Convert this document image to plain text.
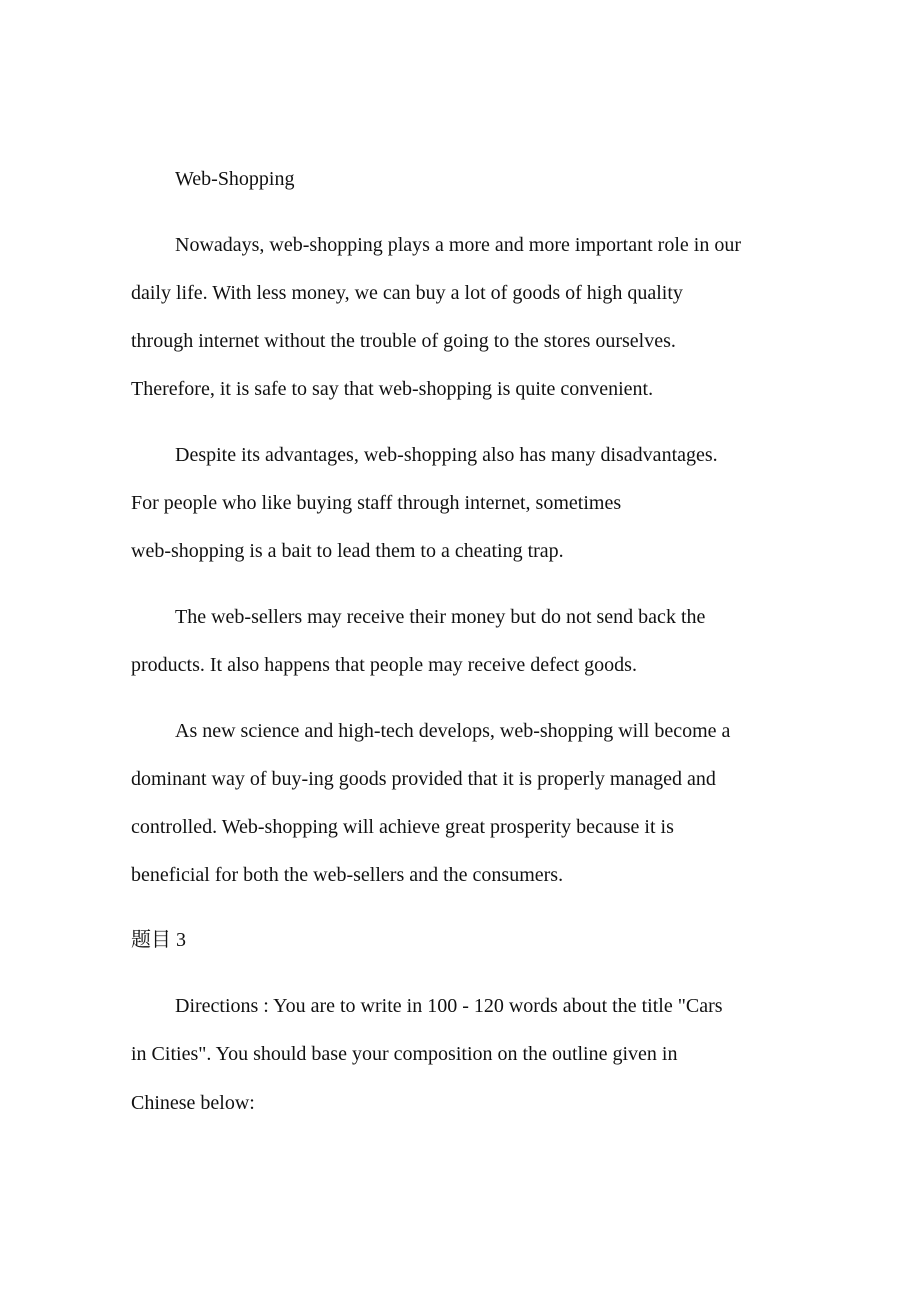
Web-Shopping

Nowadays, web-shopping plays a more and more important role in our

daily life. With less money, we can buy a lot of goods of high quality

through internet without the trouble of going to the stores ourselves.

Therefore, it is safe to say that web-shopping is quite convenient.

Despite its advantages, web-shopping also has many disadvantages.

For people who like buying staff through internet, sometimes

web-shopping is a bait to lead them to a cheating trap.

The web-sellers may receive their money but do not send back the

products. It also happens that people may receive defect goods.

As new science and high-tech develops, web-shopping will become a

dominant way of buy-ing goods provided that it is properly managed and

controlled. Web-shopping will achieve great prosperity because it is

beneficial for both the web-sellers and the consumers.

题目 3

Directions : You are to write in 100 - 120 words about the title "Cars

in Cities". You should base your composition on the outline given in

Chinese below:
